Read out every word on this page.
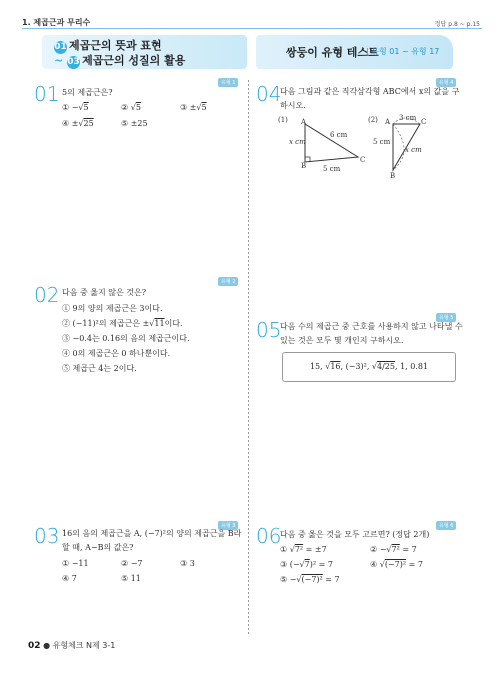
1. 제곱근과 무리수	정답 p.8 ~ p.15
01 제곱근의 뜻과 표현
~ 03 제곱근의 성질의 활용
쌍둥이 유형 테스트
| 유형 01 ~ 유형 17
유형 1
01 5의 제곱근은?
① −√5	② √5	③ ±√5
④ ±√25	⑤ ±25
유형 2
02 다음 중 옳지 않은 것은?
① 9의 양의 제곱근은 3이다.
② (−11)²의 제곱근은 ±√11이다.
③ −0.4는 0.16의 음의 제곱근이다.
④ 0의 제곱근은 0 하나뿐이다.
⑤ 제곱근 4는 2이다.
유형 3
03 16의 음의 제곱근을 A, (−7)²의 양의 제곱근을 B라
할 때, A−B의 값은?
① −11	② −7	③ 3
④ 7	⑤ 11
유형 4
04
다음 그림과 같은 직각삼각형 ABC에서 x의 값을 구
하시오.
(1) A
B
C
x cm
6 cm
5 cm
(2) A	C
B
3 cm
5 cm
x cm
유형 5
05
다음 수의 제곱근 중 근호를 사용하지 않고 나타낼 수
있는 것은 모두 몇 개인지 구하시오.
15, √16, (−3)², √4/25, 1, 0.81
유형 6
06
다음 중 옳은 것을 모두 고르면? (정답 2개)
① √7² = ±7	② −√7² = 7
③ (−√7)² = 7	④ √(−7)² = 7
⑤ −√(−7)² = 7
02 ● 유형체크 N제 3-1
